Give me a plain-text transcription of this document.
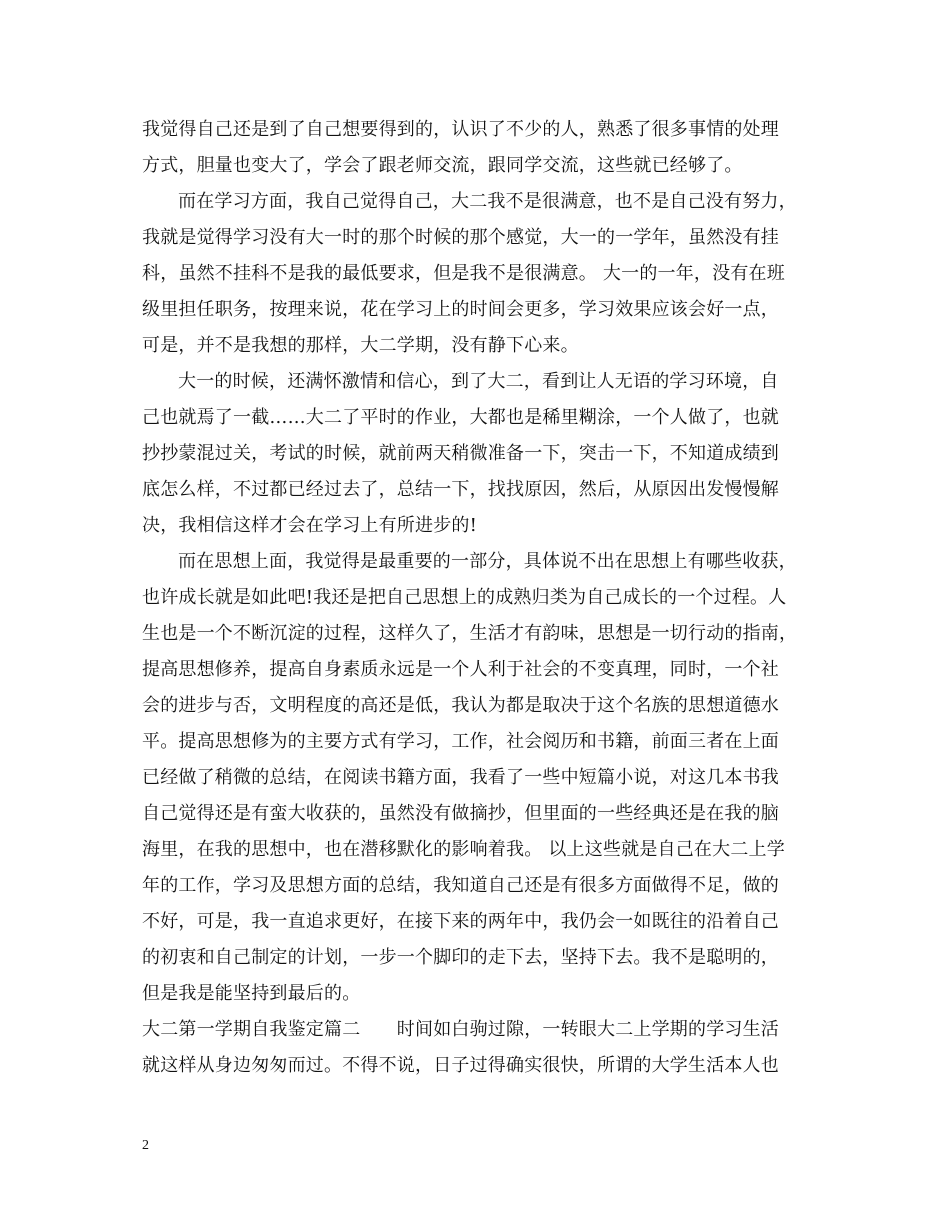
我觉得自己还是到了自己想要得到的，认识了不少的人，熟悉了很多事情的处理
方式，胆量也变大了，学会了跟老师交流，跟同学交流，这些就已经够了。
而在学习方面，我自己觉得自己，大二我不是很满意，也不是自己没有努力，
我就是觉得学习没有大一时的那个时候的那个感觉，大一的一学年，虽然没有挂
科，虽然不挂科不是我的最低要求，但是我不是很满意。 大一的一年，没有在班
级里担任职务，按理来说，花在学习上的时间会更多，学习效果应该会好一点，
可是，并不是我想的那样，大二学期，没有静下心来。
大一的时候，还满怀激情和信心，到了大二，看到让人无语的学习环境，自
己也就焉了一截……大二了平时的作业，大都也是稀里糊涂，一个人做了，也就
抄抄蒙混过关，考试的时候，就前两天稍微准备一下，突击一下，不知道成绩到
底怎么样，不过都已经过去了，总结一下，找找原因，然后，从原因出发慢慢解
决，我相信这样才会在学习上有所进步的!
而在思想上面，我觉得是最重要的一部分，具体说不出在思想上有哪些收获，
也许成长就是如此吧!我还是把自己思想上的成熟归类为自己成长的一个过程。人
生也是一个不断沉淀的过程，这样久了，生活才有韵味，思想是一切行动的指南，
提高思想修养，提高自身素质永远是一个人利于社会的不变真理，同时，一个社
会的进步与否，文明程度的高还是低，我认为都是取决于这个名族的思想道德水
平。提高思想修为的主要方式有学习，工作，社会阅历和书籍，前面三者在上面
已经做了稍微的总结，在阅读书籍方面，我看了一些中短篇小说，对这几本书我
自己觉得还是有蛮大收获的，虽然没有做摘抄，但里面的一些经典还是在我的脑
海里，在我的思想中，也在潜移默化的影响着我。 以上这些就是自己在大二上学
年的工作，学习及思想方面的总结，我知道自己还是有很多方面做得不足，做的
不好，可是，我一直追求更好，在接下来的两年中，我仍会一如既往的沿着自己
的初衷和自己制定的计划，一步一个脚印的走下去，坚持下去。我不是聪明的，
但是我是能坚持到最后的。
大二第一学期自我鉴定篇二　　时间如白驹过隙，一转眼大二上学期的学习生活
就这样从身边匆匆而过。不得不说，日子过得确实很快，所谓的大学生活本人也
2
